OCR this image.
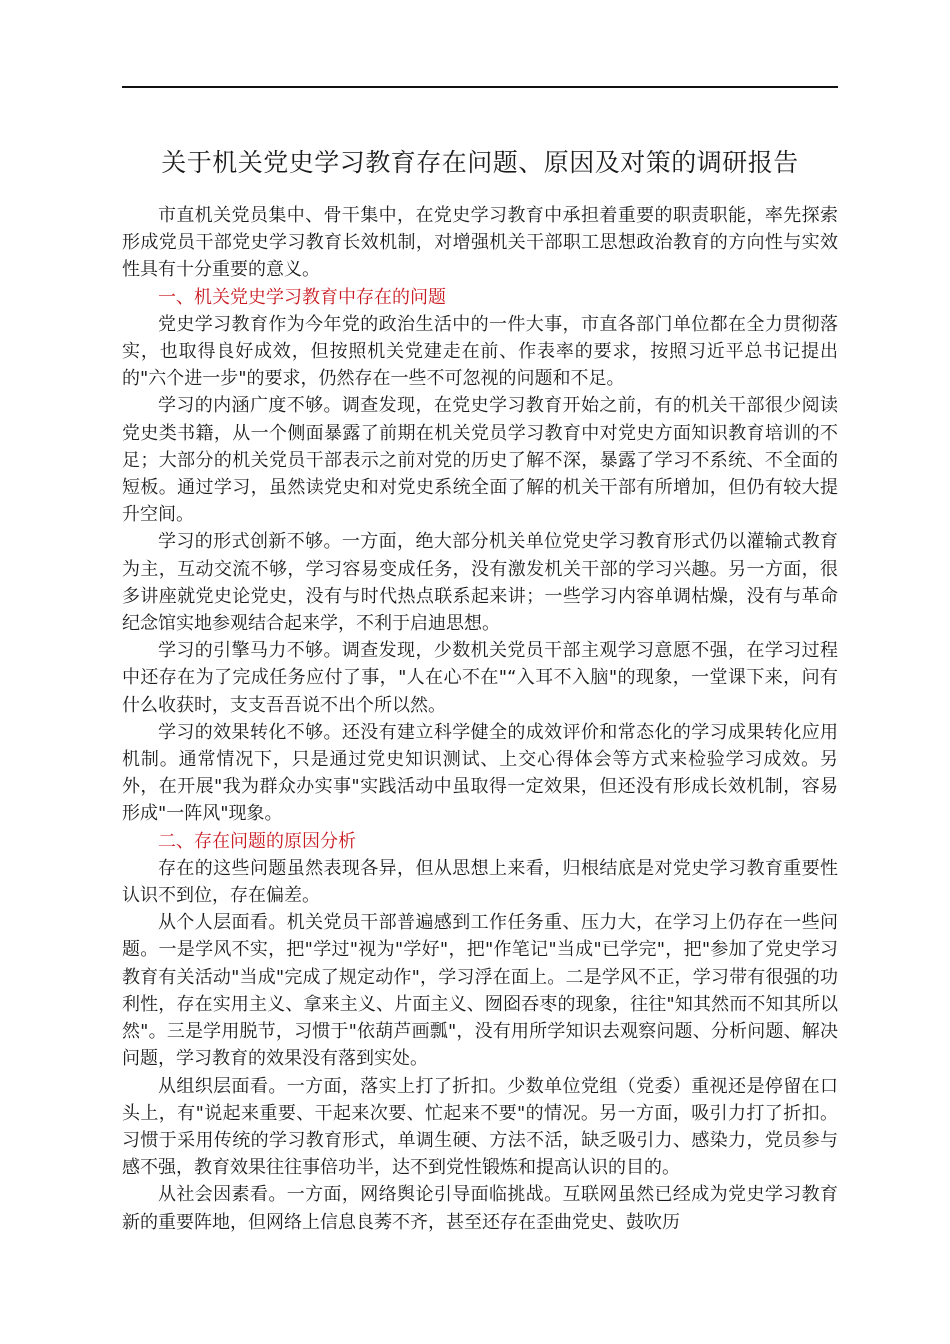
关于机关党史学习教育存在问题、原因及对策的调研报告

市直机关党员集中、骨干集中，在党史学习教育中承担着重要的职责职能，率先探索形成党员干部党史学习教育长效机制，对增强机关干部职工思想政治教育的方向性与实效性具有十分重要的意义。

一、机关党史学习教育中存在的问题

党史学习教育作为今年党的政治生活中的一件大事，市直各部门单位都在全力贯彻落实，也取得良好成效，但按照机关党建走在前、作表率的要求，按照习近平总书记提出的"六个进一步"的要求，仍然存在一些不可忽视的问题和不足。

学习的内涵广度不够。调查发现，在党史学习教育开始之前，有的机关干部很少阅读党史类书籍，从一个侧面暴露了前期在机关党员学习教育中对党史方面知识教育培训的不足；大部分的机关党员干部表示之前对党的历史了解不深，暴露了学习不系统、不全面的短板。通过学习，虽然读党史和对党史系统全面了解的机关干部有所增加，但仍有较大提升空间。

学习的形式创新不够。一方面，绝大部分机关单位党史学习教育形式仍以灌输式教育为主，互动交流不够，学习容易变成任务，没有激发机关干部的学习兴趣。另一方面，很多讲座就党史论党史，没有与时代热点联系起来讲；一些学习内容单调枯燥，没有与革命纪念馆实地参观结合起来学，不利于启迪思想。

学习的引擎马力不够。调查发现，少数机关党员干部主观学习意愿不强，在学习过程中还存在为了完成任务应付了事，"人在心不在"“入耳不入脑"的现象，一堂课下来，问有什么收获时，支支吾吾说不出个所以然。

学习的效果转化不够。还没有建立科学健全的成效评价和常态化的学习成果转化应用机制。通常情况下，只是通过党史知识测试、上交心得体会等方式来检验学习成效。另外，在开展"我为群众办实事"实践活动中虽取得一定效果，但还没有形成长效机制，容易形成"一阵风"现象。

二、存在问题的原因分析

存在的这些问题虽然表现各异，但从思想上来看，归根结底是对党史学习教育重要性认识不到位，存在偏差。

从个人层面看。机关党员干部普遍感到工作任务重、压力大，在学习上仍存在一些问题。一是学风不实，把"学过"视为"学好"，把"作笔记"当成"已学完"，把"参加了党史学习教育有关活动"当成"完成了规定动作"，学习浮在面上。二是学风不正，学习带有很强的功利性，存在实用主义、拿来主义、片面主义、囫囵吞枣的现象，往往"知其然而不知其所以然"。三是学用脱节，习惯于"依葫芦画瓢"，没有用所学知识去观察问题、分析问题、解决问题，学习教育的效果没有落到实处。

从组织层面看。一方面，落实上打了折扣。少数单位党组（党委）重视还是停留在口头上，有"说起来重要、干起来次要、忙起来不要"的情况。另一方面，吸引力打了折扣。习惯于采用传统的学习教育形式，单调生硬、方法不活，缺乏吸引力、感染力，党员参与感不强，教育效果往往事倍功半，达不到党性锻炼和提高认识的目的。

从社会因素看。一方面，网络舆论引导面临挑战。互联网虽然已经成为党史学习教育新的重要阵地，但网络上信息良莠不齐，甚至还存在歪曲党史、鼓吹历
